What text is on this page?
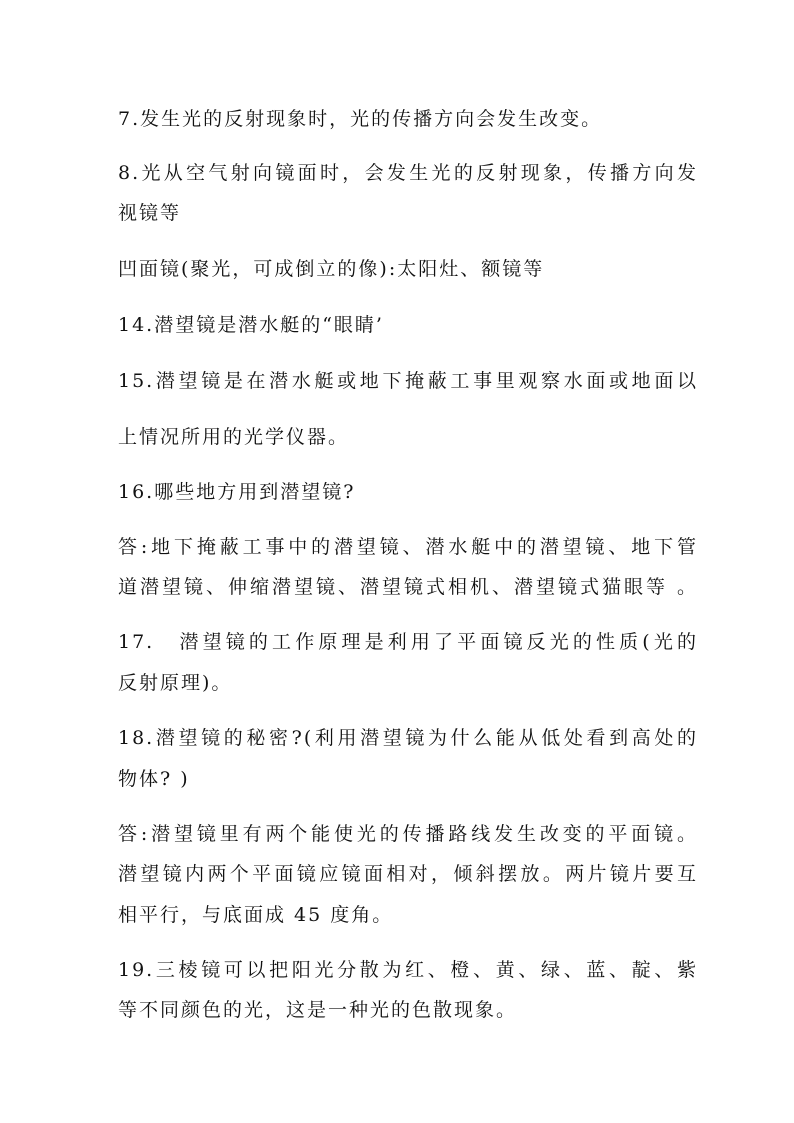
7.发生光的反射现象时，光的传播方向会发生改变。
8.光从空气射向镜面时，会发生光的反射现象，传播方向发
视镜等
凹面镜(聚光，可成倒立的像):太阳灶、额镜等
14.潜望镜是潜水艇的“眼睛’
15.潜望镜是在潜水艇或地下掩蔽工事里观察水面或地面以
上情况所用的光学仪器。
16.哪些地方用到潜望镜?
答:地下掩蔽工事中的潜望镜、潜水艇中的潜望镜、地下管
道潜望镜、伸缩潜望镜、潜望镜式相机、潜望镜式猫眼等 。
17.　潜望镜的工作原理是利用了平面镜反光的性质(光的
反射原理)。
18.潜望镜的秘密?(利用潜望镜为什么能从低处看到高处的
物体? )
答:潜望镜里有两个能使光的传播路线发生改变的平面镜。
潜望镜内两个平面镜应镜面相对，倾斜摆放。两片镜片要互
相平行，与底面成 45 度角。
19.三棱镜可以把阳光分散为红、橙、黄、绿、蓝、靛、紫
等不同颜色的光，这是一种光的色散现象。
